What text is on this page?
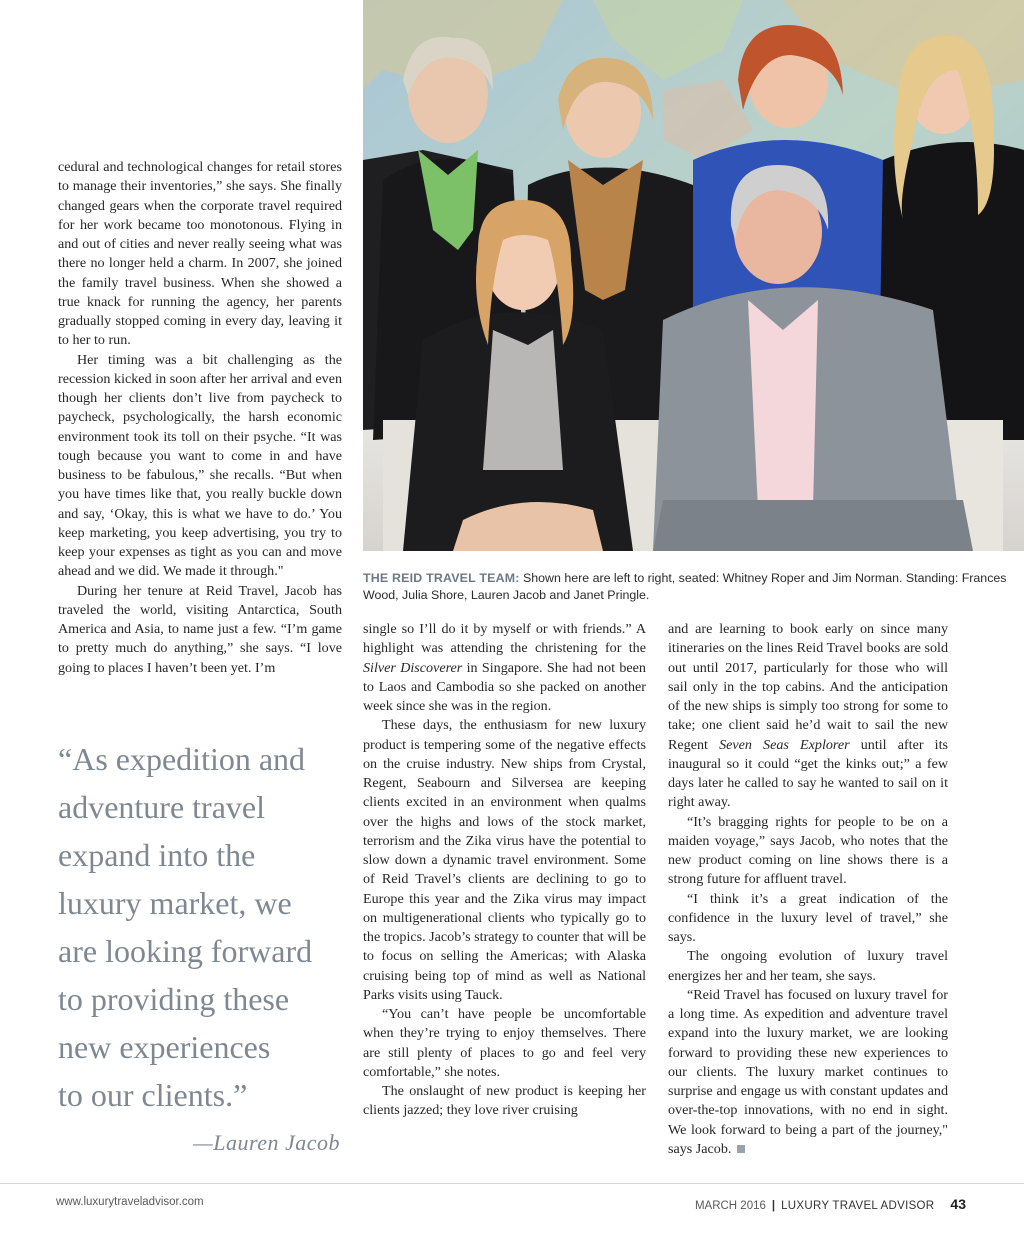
THE REID TRAVEL TEAM: Shown here are left to right, seated: Whitney Roper and Jim Norman. Standing: Frances Wood, Julia Shore, Lauren Jacob and Janet Pringle.

cedural and technological changes for retail stores to manage their inventories,” she says. She finally changed gears when the corporate travel required for her work became too monotonous. Flying in and out of cities and never really seeing what was there no longer held a charm. In 2007, she joined the family travel business. When she showed a true knack for running the agency, her parents gradually stopped coming in every day, leaving it to her to run.

Her timing was a bit challenging as the recession kicked in soon after her arrival and even though her clients don’t live from paycheck to paycheck, psychologically, the harsh economic environment took its toll on their psyche. “It was tough because you want to come in and have business to be fabulous,” she recalls. “But when you have times like that, you really buckle down and say, ‘Okay, this is what we have to do.’ You keep marketing, you keep advertising, you try to keep your expenses as tight as you can and move ahead and we did. We made it through."

During her tenure at Reid Travel, Jacob has traveled the world, visiting Antarctica, South America and Asia, to name just a few. “I’m game to pretty much do anything,” she says. “I love going to places I haven’t been yet. I’m

“As expedition and

adventure travel

expand into the

luxury market, we

are looking forward

to providing these

new experiences

to our clients.”

—Lauren Jacob

single so I’ll do it by myself or with friends.” A highlight was attending the christening for the Silver Discoverer in Singapore. She had not been to Laos and Cambodia so she packed on another week since she was in the region.

These days, the enthusiasm for new luxury product is tempering some of the negative effects on the cruise industry. New ships from Crystal, Regent, Seabourn and Silversea are keeping clients excited in an environment when qualms over the highs and lows of the stock market, terrorism and the Zika virus have the potential to slow down a dynamic travel environment. Some of Reid Travel’s clients are declining to go to Europe this year and the Zika virus may impact on multigenerational clients who typically go to the tropics. Jacob’s strategy to counter that will be to focus on selling the Americas; with Alaska cruising being top of mind as well as National Parks visits using Tauck.

“You can’t have people be uncomfortable when they’re trying to enjoy themselves. There are still plenty of places to go and feel very comfortable,” she notes.

The onslaught of new product is keeping her clients jazzed; they love river cruising

and are learning to book early on since many itineraries on the lines Reid Travel books are sold out until 2017, particularly for those who will sail only in the top cabins. And the anticipation of the new ships is simply too strong for some to take; one client said he’d wait to sail the new Regent Seven Seas Explorer until after its inaugural so it could “get the kinks out;” a few days later he called to say he wanted to sail on it right away.

“It’s bragging rights for people to be on a maiden voyage,” says Jacob, who notes that the new product coming on line shows there is a strong future for affluent travel.

“I think it’s a great indication of the confidence in the luxury level of travel,” she says.

The ongoing evolution of luxury travel energizes her and her team, she says.

“Reid Travel has focused on luxury travel for a long time. As expedition and adventure travel expand into the luxury market, we are looking forward to providing these new experiences to our clients. The luxury market continues to surprise and engage us with constant updates and over-the-top innovations, with no end in sight. We look forward to being a part of the journey," says Jacob.

www.luxurytraveladvisor.com	MARCH 2016 | LUXURY TRAVEL ADVISOR 43
